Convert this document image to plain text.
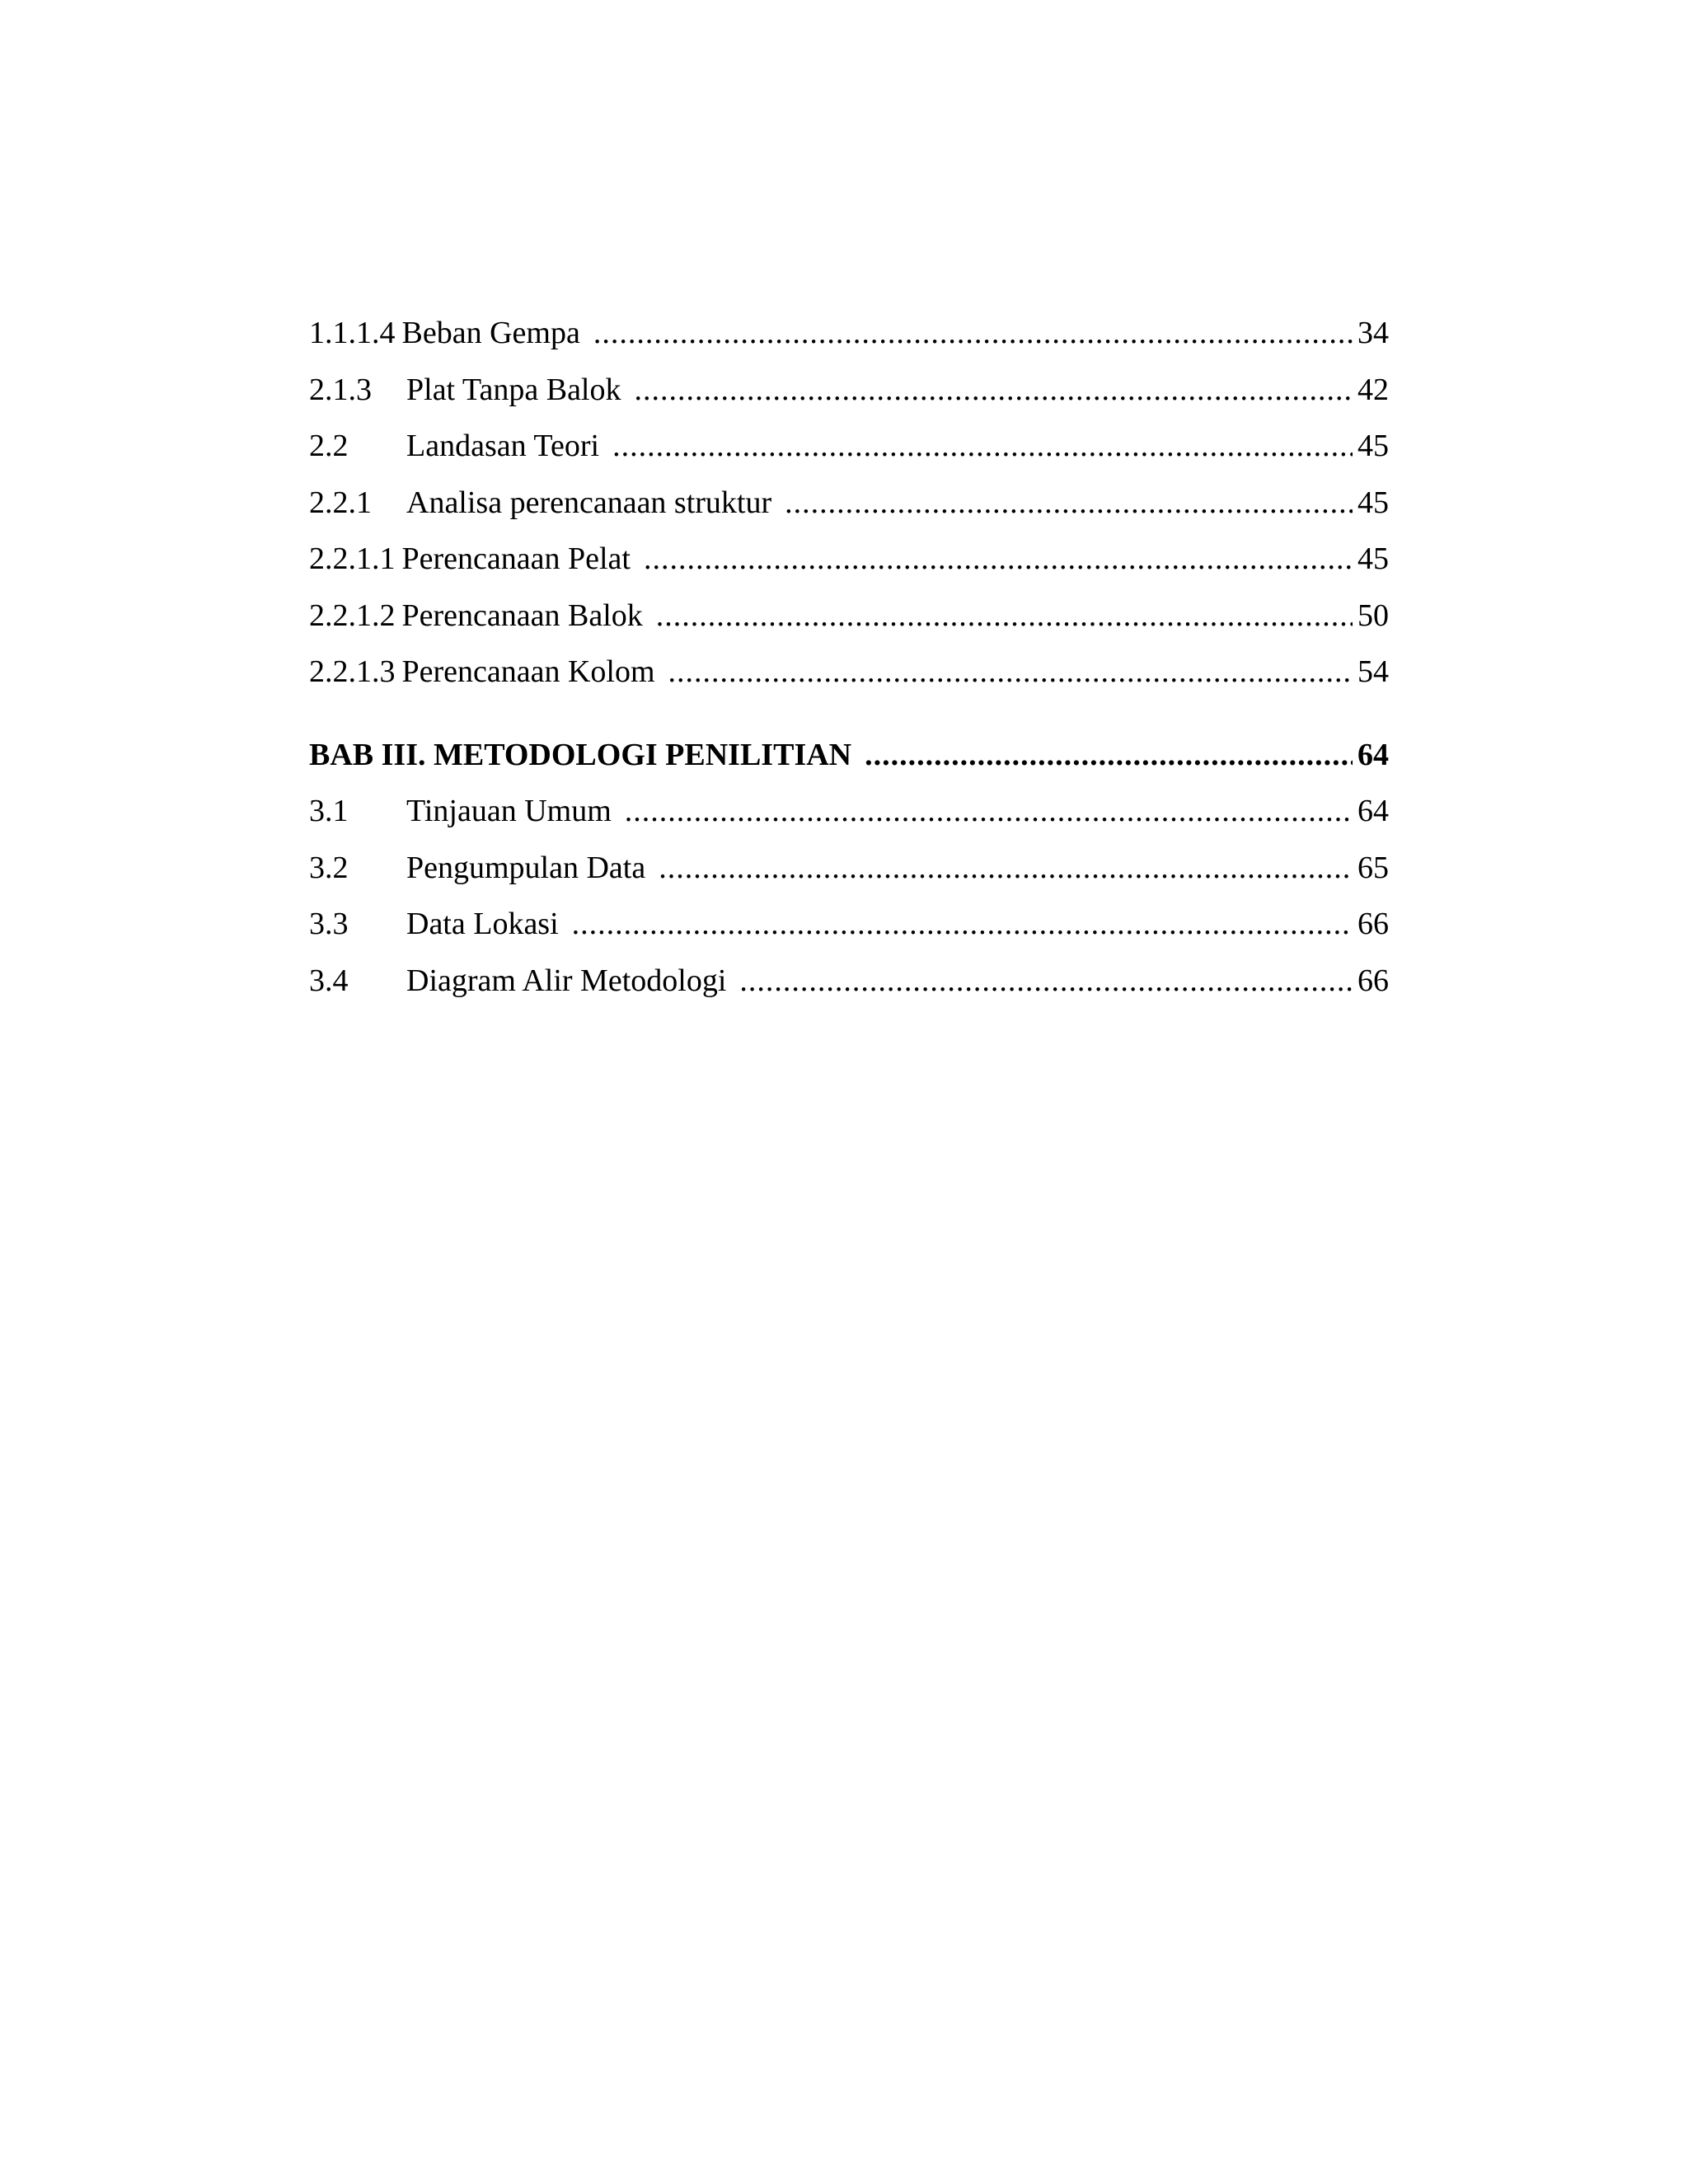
1.1.1.4 Beban Gempa .....	34
2.1.3	Plat Tanpa Balok .....	42
2.2	Landasan Teori .....	45
2.2.1	Analisa perencanaan struktur .....	45
2.2.1.1 Perencanaan Pelat .....	45
2.2.1.2 Perencanaan Balok .....	50
2.2.1.3 Perencanaan Kolom .....	54
BAB III. METODOLOGI PENILITIAN .....	64
3.1	Tinjauan Umum .....	64
3.2	Pengumpulan Data .....	65
3.3	Data Lokasi .....	66
3.4	Diagram Alir Metodologi .....	66
